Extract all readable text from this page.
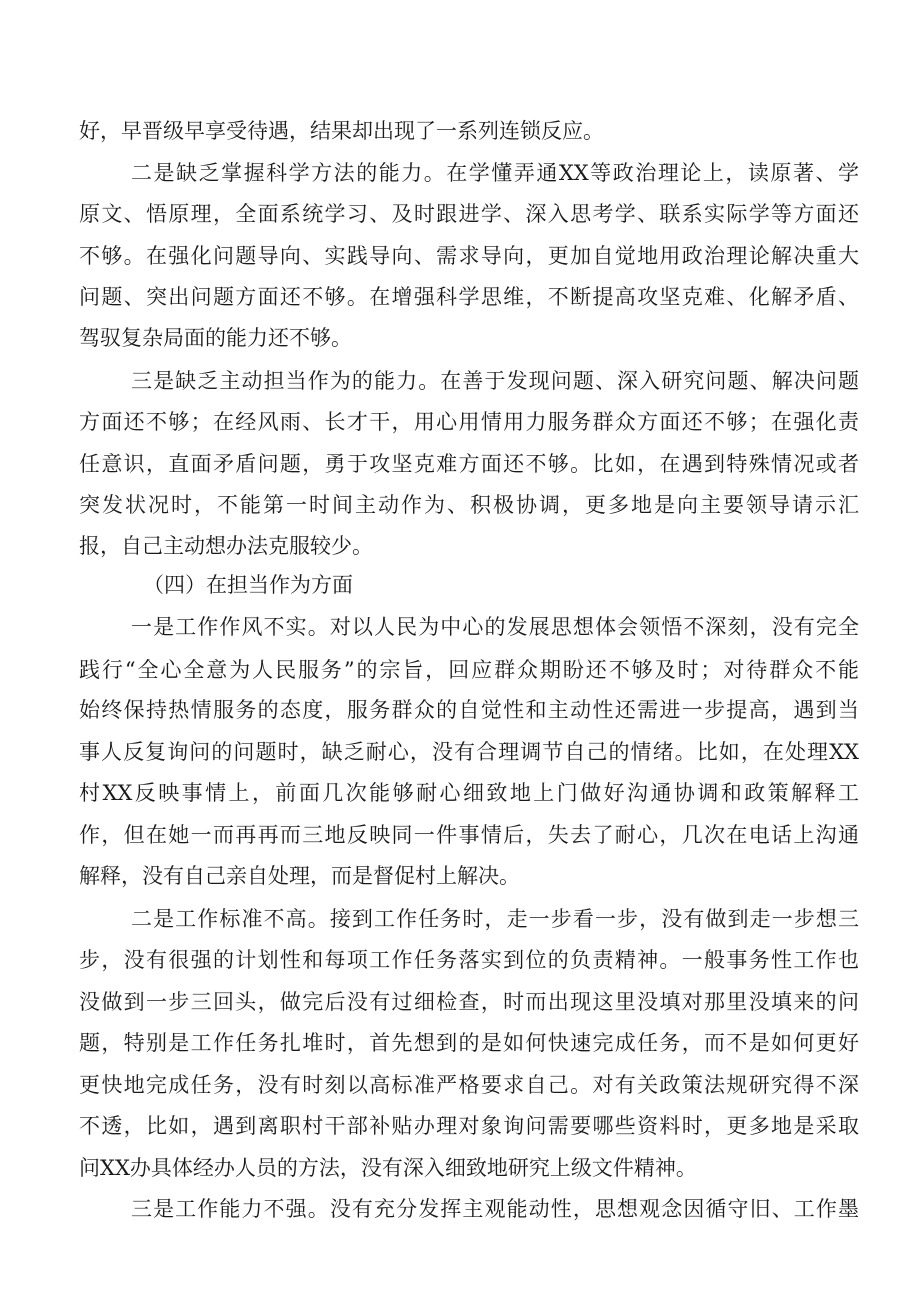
好，早晋级早享受待遇，结果却出现了一系列连锁反应。
二是缺乏掌握科学方法的能力。在学懂弄通XX等政治理论上，读原著、学
原文、悟原理，全面系统学习、及时跟进学、深入思考学、联系实际学等方面还
不够。在强化问题导向、实践导向、需求导向，更加自觉地用政治理论解决重大
问题、突出问题方面还不够。在增强科学思维，不断提高攻坚克难、化解矛盾、
驾驭复杂局面的能力还不够。
三是缺乏主动担当作为的能力。在善于发现问题、深入研究问题、解决问题
方面还不够；在经风雨、长才干，用心用情用力服务群众方面还不够；在强化责
任意识，直面矛盾问题，勇于攻坚克难方面还不够。比如，在遇到特殊情况或者
突发状况时，不能第一时间主动作为、积极协调，更多地是向主要领导请示汇
报，自己主动想办法克服较少。
（四）在担当作为方面
一是工作作风不实。对以人民为中心的发展思想体会领悟不深刻，没有完全
践行“全心全意为人民服务”的宗旨，回应群众期盼还不够及时；对待群众不能
始终保持热情服务的态度，服务群众的自觉性和主动性还需进一步提高，遇到当
事人反复询问的问题时，缺乏耐心，没有合理调节自己的情绪。比如，在处理XX
村XX反映事情上，前面几次能够耐心细致地上门做好沟通协调和政策解释工
作，但在她一而再再而三地反映同一件事情后，失去了耐心，几次在电话上沟通
解释，没有自己亲自处理，而是督促村上解决。
二是工作标准不高。接到工作任务时，走一步看一步，没有做到走一步想三
步，没有很强的计划性和每项工作任务落实到位的负责精神。一般事务性工作也
没做到一步三回头，做完后没有过细检查，时而出现这里没填对那里没填来的问
题，特别是工作任务扎堆时，首先想到的是如何快速完成任务，而不是如何更好
更快地完成任务，没有时刻以高标准严格要求自己。对有关政策法规研究得不深
不透，比如，遇到离职村干部补贴办理对象询问需要哪些资料时，更多地是采取
问XX办具体经办人员的方法，没有深入细致地研究上级文件精神。
三是工作能力不强。没有充分发挥主观能动性，思想观念因循守旧、工作墨
